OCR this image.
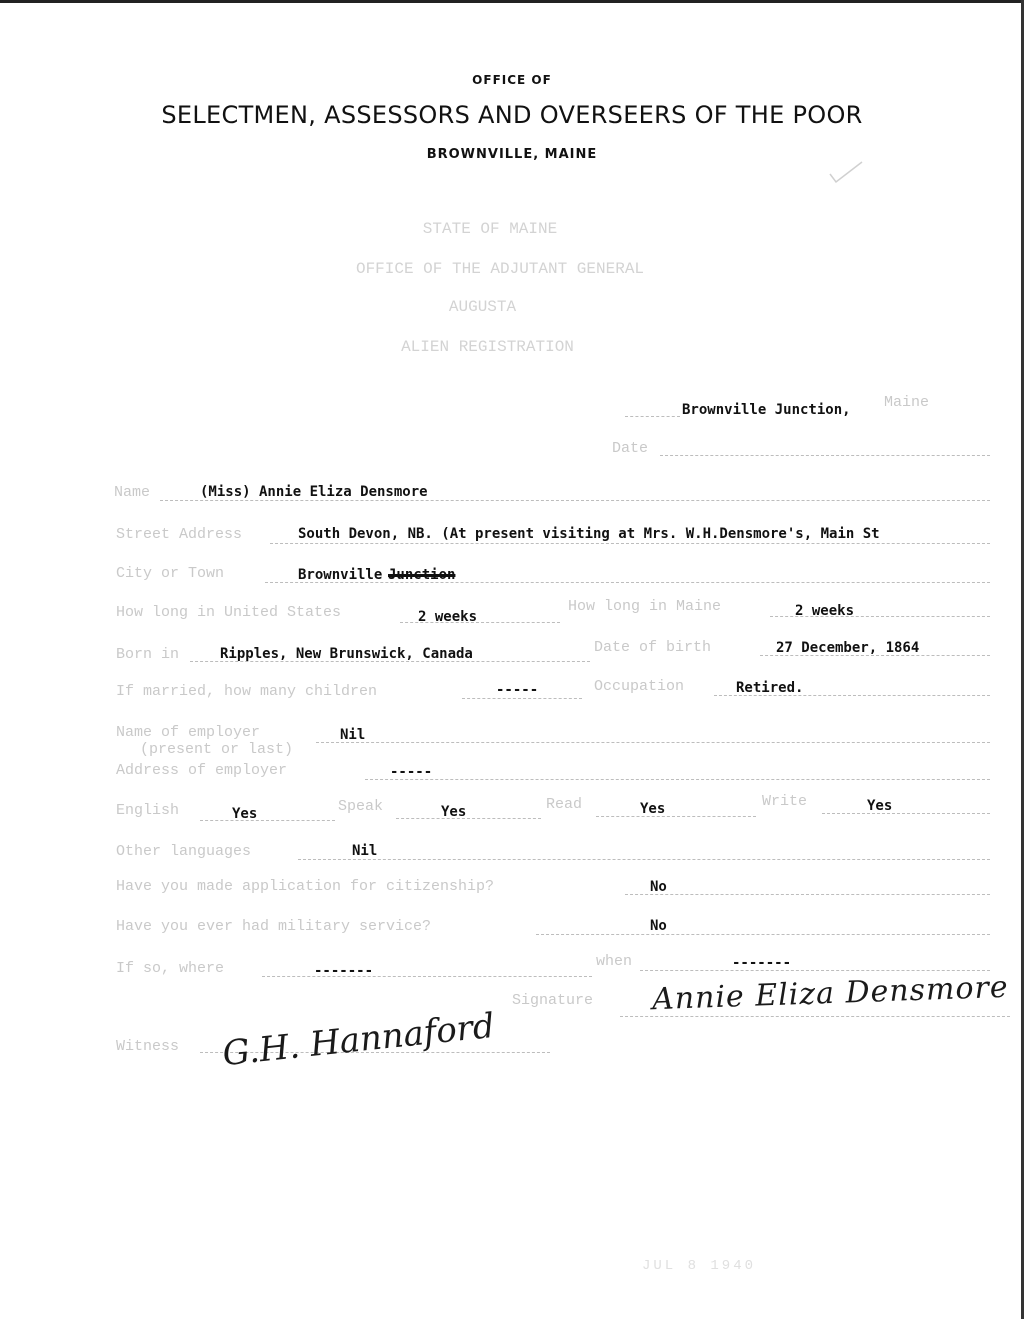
OFFICE OF
SELECTMEN, ASSESSORS AND OVERSEERS OF THE POOR
BROWNVILLE, MAINE
STATE OF MAINE
OFFICE OF THE ADJUTANT GENERAL
AUGUSTA
ALIEN REGISTRATION
Brownville Junction, Maine
Date
Name	(Miss) Annie Eliza Densmore
Street Address	South Devon, NB. (At present visiting at Mrs. W.H.Densmore's, Main St
City or Town	Brownville Junction
How long in United States	2 weeks
How long in Maine	2 weeks
Born in	Ripples, New Brunswick, Canada	Date of birth	27 December, 1864
If married, how many children	-----	Occupation	Retired.
Name of employer
(present or last)
Nil
Address of employer	-----
English	Yes	Speak	Yes	Read	Yes	Write	Yes
Other languages	Nil
Have you made application for citizenship?	No
Have you ever had military service?	No
If so, where	-------
when	-------
Signature Annie Eliza Densmore
Witness G.H. Hannaford
JUL 8 1940
